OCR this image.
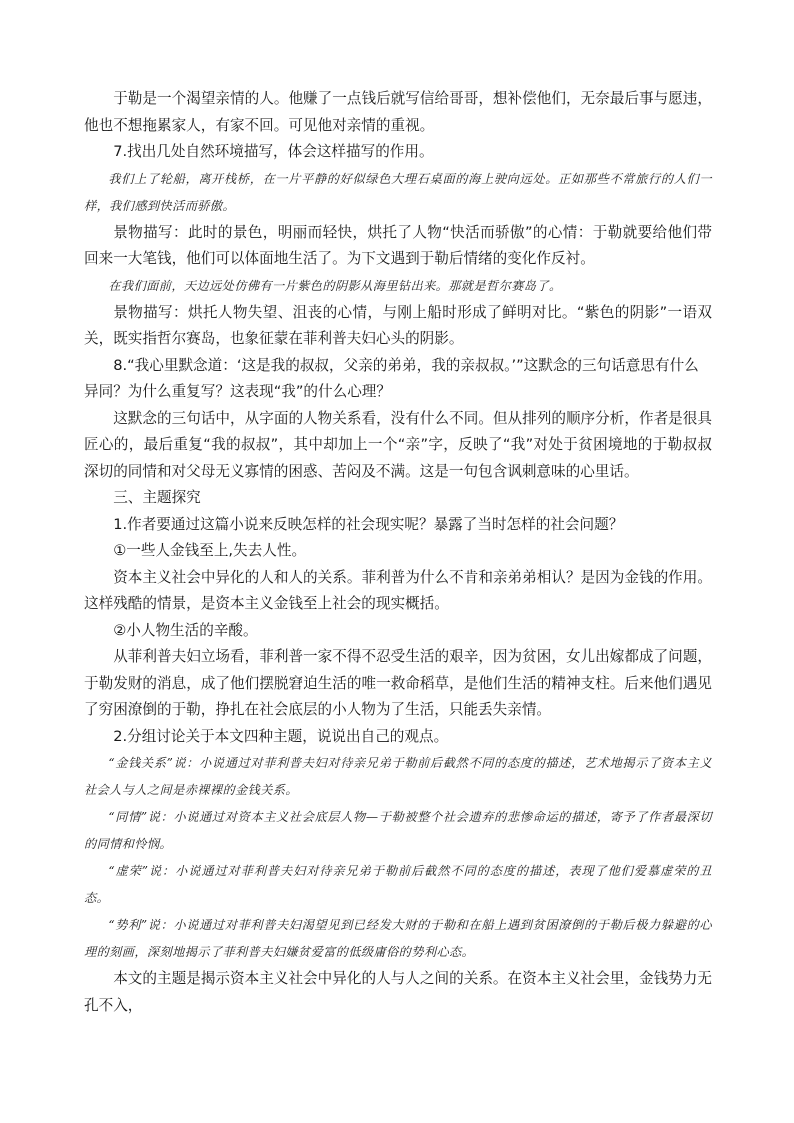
于勒是一个渴望亲情的人。他赚了一点钱后就写信给哥哥，想补偿他们，无奈最后事与愿违，他也不想拖累家人，有家不回。可见他对亲情的重视。

7.找出几处自然环境描写，体会这样描写的作用。

我们上了轮船，离开栈桥，在一片平静的好似绿色大理石桌面的海上驶向远处。正如那些不常旅行的人们一样，我们感到快活而骄傲。

景物描写：此时的景色，明丽而轻快，烘托了人物“快活而骄傲”的心情：于勒就要给他们带回来一大笔钱，他们可以体面地生活了。为下文遇到于勒后情绪的变化作反衬。

在我们面前，天边远处仿佛有一片紫色的阴影从海里钻出来。那就是哲尔赛岛了。

景物描写：烘托人物失望、沮丧的心情，与刚上船时形成了鲜明对比。“紫色的阴影”一语双关，既实指哲尔赛岛，也象征蒙在菲利普夫妇心头的阴影。

8.“我心里默念道：‘这是我的叔叔，父亲的弟弟，我的亲叔叔。’”这默念的三句话意思有什么异同？为什么重复写？这表现“我”的什么心理？

这默念的三句话中，从字面的人物关系看，没有什么不同。但从排列的顺序分析，作者是很具匠心的，最后重复“我的叔叔”，其中却加上一个“亲”字，反映了“我”对处于贫困境地的于勒叔叔深切的同情和对父母无义寡情的困惑、苦闷及不满。这是一句包含讽刺意味的心里话。

三、主题探究

1.作者要通过这篇小说来反映怎样的社会现实呢？暴露了当时怎样的社会问题？

①一些人金钱至上,失去人性。

资本主义社会中异化的人和人的关系。菲利普为什么不肯和亲弟弟相认？是因为金钱的作用。这样残酷的情景，是资本主义金钱至上社会的现实概括。

②小人物生活的辛酸。

从菲利普夫妇立场看，菲利普一家不得不忍受生活的艰辛，因为贫困，女儿出嫁都成了问题，于勒发财的消息，成了他们摆脱窘迫生活的唯一救命稻草，是他们生活的精神支柱。后来他们遇见了穷困潦倒的于勒，挣扎在社会底层的小人物为了生活，只能丢失亲情。

2.分组讨论关于本文四种主题，说说出自己的观点。

“金钱关系”说：小说通过对菲利普夫妇对待亲兄弟于勒前后截然不同的态度的描述，艺术地揭示了资本主义社会人与人之间是赤裸裸的金钱关系。

“同情”说：小说通过对资本主义社会底层人物—于勒被整个社会遗弃的悲惨命运的描述，寄予了作者最深切的同情和怜悯。

“虚荣”说：小说通过对菲利普夫妇对待亲兄弟于勒前后截然不同的态度的描述，表现了他们爱慕虚荣的丑态。

“势利”说：小说通过对菲利普夫妇渴望见到已经发大财的于勒和在船上遇到贫困潦倒的于勒后极力躲避的心理的刻画，深刻地揭示了菲利普夫妇嫌贫爱富的低级庸俗的势利心态。

本文的主题是揭示资本主义社会中异化的人与人之间的关系。在资本主义社会里，金钱势力无孔不入，
